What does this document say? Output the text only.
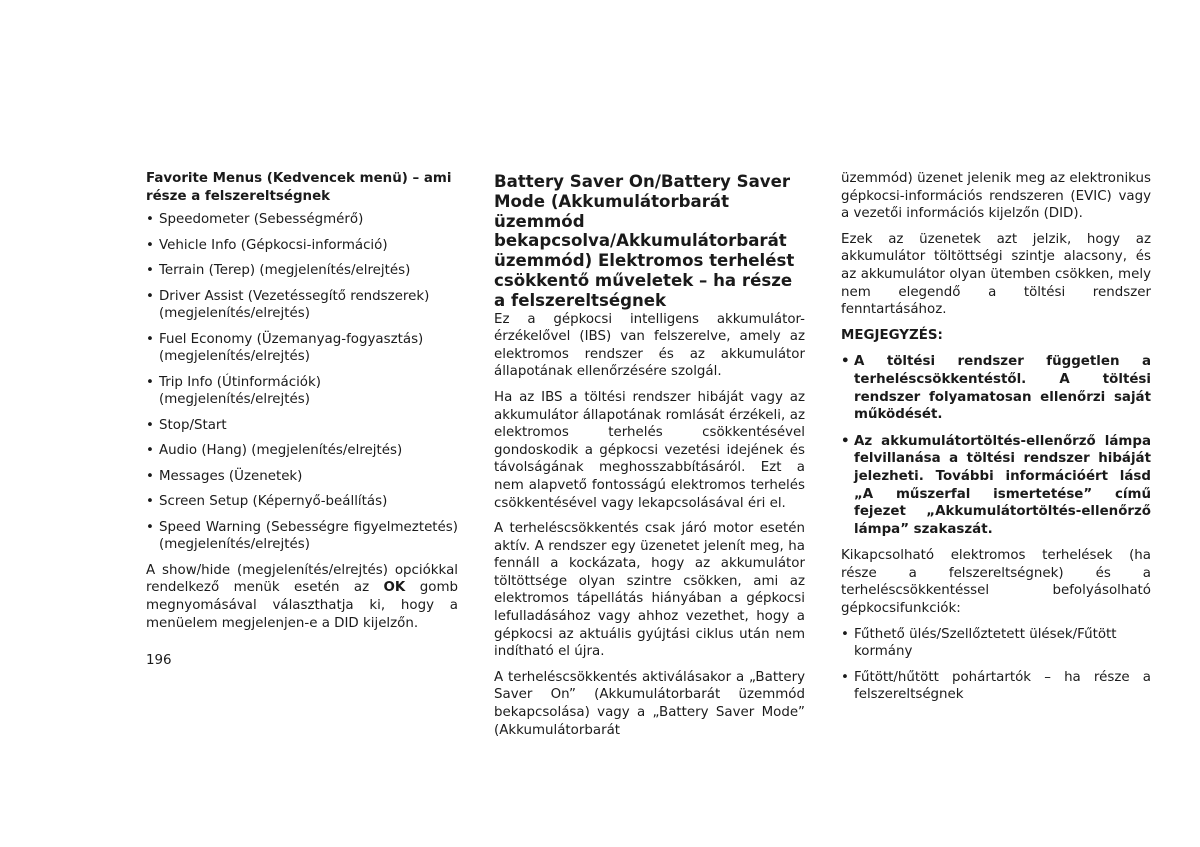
Favorite Menus (Kedvencek menü) – ami része a felszereltségnek

• Speedometer (Sebességmérő)
• Vehicle Info (Gépkocsi-információ)
• Terrain (Terep) (megjelenítés/elrejtés)
• Driver Assist (Vezetéssegítő rendszerek) (megjelenítés/elrejtés)
• Fuel Economy (Üzemanyag-fogyasztás) (megjelenítés/elrejtés)
• Trip Info (Útinformációk) (megjelenítés/elrejtés)
• Stop/Start
• Audio (Hang) (megjelenítés/elrejtés)
• Messages (Üzenetek)
• Screen Setup (Képernyő-beállítás)
• Speed Warning (Sebességre figyelmeztetés) (megjelenítés/elrejtés)

A show/hide (megjelenítés/elrejtés) opciókkal rendelkező menük esetén az OK gomb megnyomásával választhatja ki, hogy a menüelem megjelenjen-e a DID kijelzőn.

Battery Saver On/Battery Saver Mode (Akkumulátorbarát üzemmód bekapcsolva/Akkumulátorbarát üzemmód) Elektromos terhelést csökkentő műveletek – ha része a felszereltségnek

Ez a gépkocsi intelligens akkumulátor-érzékelővel (IBS) van felszerelve, amely az elektromos rendszer és az akkumulátor állapotának ellenőrzésére szolgál.

Ha az IBS a töltési rendszer hibáját vagy az akkumulátor állapotának romlását érzékeli, az elektromos terhelés csökkentésével gondoskodik a gépkocsi vezetési idejének és távolságának meghosszabbításáról. Ezt a nem alapvető fontosságú elektromos terhelés csökkentésével vagy lekapcsolásával éri el.

A terheléscsökkentés csak járó motor esetén aktív. A rendszer egy üzenetet jelenít meg, ha fennáll a kockázata, hogy az akkumulátor töltöttsége olyan szintre csökken, ami az elektromos tápellátás hiányában a gépkocsi lefulladásához vagy ahhoz vezethet, hogy a gépkocsi az aktuális gyújtási ciklus után nem indítható el újra.

A terheléscsökkentés aktiválásakor a „Battery Saver On” (Akkumulátorbarát üzemmód bekapcsolása) vagy a „Battery Saver Mode” (Akkumulátorbarát

üzemmód) üzenet jelenik meg az elektronikus gépkocsi-információs rendszeren (EVIC) vagy a vezetői információs kijelzőn (DID).

Ezek az üzenetek azt jelzik, hogy az akkumulátor töltöttségi szintje alacsony, és az akkumulátor olyan ütemben csökken, mely nem elegendő a töltési rendszer fenntartásához.

MEGJEGYZÉS:

• A töltési rendszer független a terheléscsökkentéstől. A töltési rendszer folyamatosan ellenőrzi saját működését.
• Az akkumulátortöltés-ellenőrző lámpa felvillanása a töltési rendszer hibáját jelezheti. További információért lásd „A műszerfal ismertetése” című fejezet „Akkumulátortöltés-ellenőrző lámpa” szakaszát.

Kikapcsolható elektromos terhelések (ha része a felszereltségnek) és a terheléscsökkentéssel befolyásolható gépkocsifunkciók:

• Fűthető ülés/Szellőztetett ülések/Fűtött kormány
• Fűtött/hűtött pohártartók – ha része a felszereltségnek
196
